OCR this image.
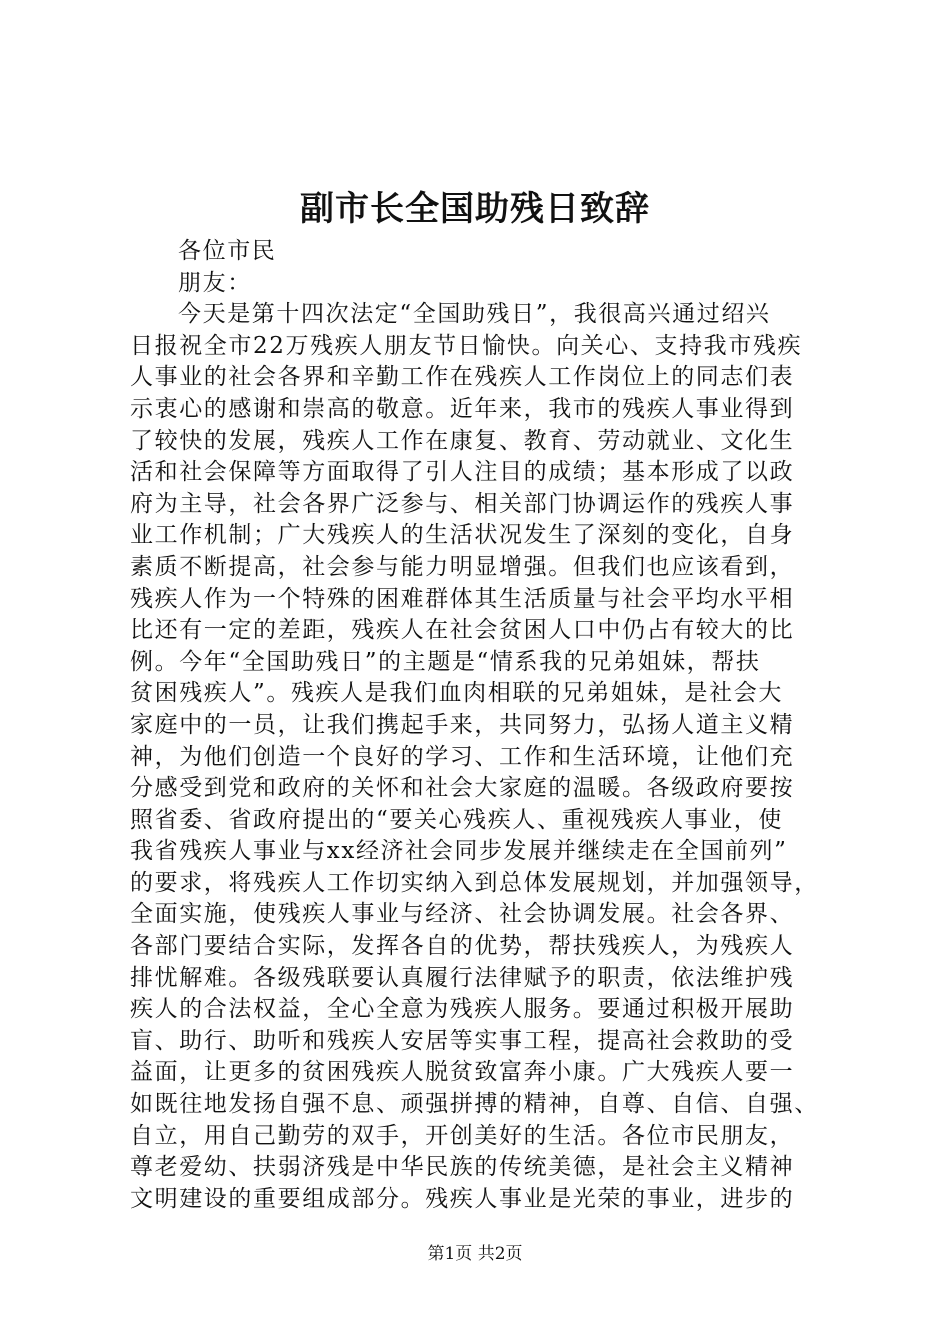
副市长全国助残日致辞
各位市民
朋友：
今天是第十四次法定“全国助残日”，我很高兴通过绍兴
日报祝全市22万残疾人朋友节日愉快。向关心、支持我市残疾
人事业的社会各界和辛勤工作在残疾人工作岗位上的同志们表
示衷心的感谢和崇高的敬意。近年来，我市的残疾人事业得到
了较快的发展，残疾人工作在康复、教育、劳动就业、文化生
活和社会保障等方面取得了引人注目的成绩；基本形成了以政
府为主导，社会各界广泛参与、相关部门协调运作的残疾人事
业工作机制；广大残疾人的生活状况发生了深刻的变化，自身
素质不断提高，社会参与能力明显增强。但我们也应该看到，
残疾人作为一个特殊的困难群体其生活质量与社会平均水平相
比还有一定的差距，残疾人在社会贫困人口中仍占有较大的比
例。今年“全国助残日”的主题是“情系我的兄弟姐妹，帮扶
贫困残疾人”。残疾人是我们血肉相联的兄弟姐妹，是社会大
家庭中的一员，让我们携起手来，共同努力，弘扬人道主义精
神，为他们创造一个良好的学习、工作和生活环境，让他们充
分感受到党和政府的关怀和社会大家庭的温暖。各级政府要按
照省委、省政府提出的“要关心残疾人、重视残疾人事业，使
我省残疾人事业与xx经济社会同步发展并继续走在全国前列”
的要求，将残疾人工作切实纳入到总体发展规划，并加强领导，
全面实施，使残疾人事业与经济、社会协调发展。社会各界、
各部门要结合实际，发挥各自的优势，帮扶残疾人，为残疾人
排忧解难。各级残联要认真履行法律赋予的职责，依法维护残
疾人的合法权益，全心全意为残疾人服务。要通过积极开展助
盲、助行、助听和残疾人安居等实事工程，提高社会救助的受
益面，让更多的贫困残疾人脱贫致富奔小康。广大残疾人要一
如既往地发扬自强不息、顽强拼搏的精神，自尊、自信、自强、
自立，用自己勤劳的双手，开创美好的生活。各位市民朋友，
尊老爱幼、扶弱济残是中华民族的传统美德，是社会主义精神
文明建设的重要组成部分。残疾人事业是光荣的事业，进步的
第1页 共2页
